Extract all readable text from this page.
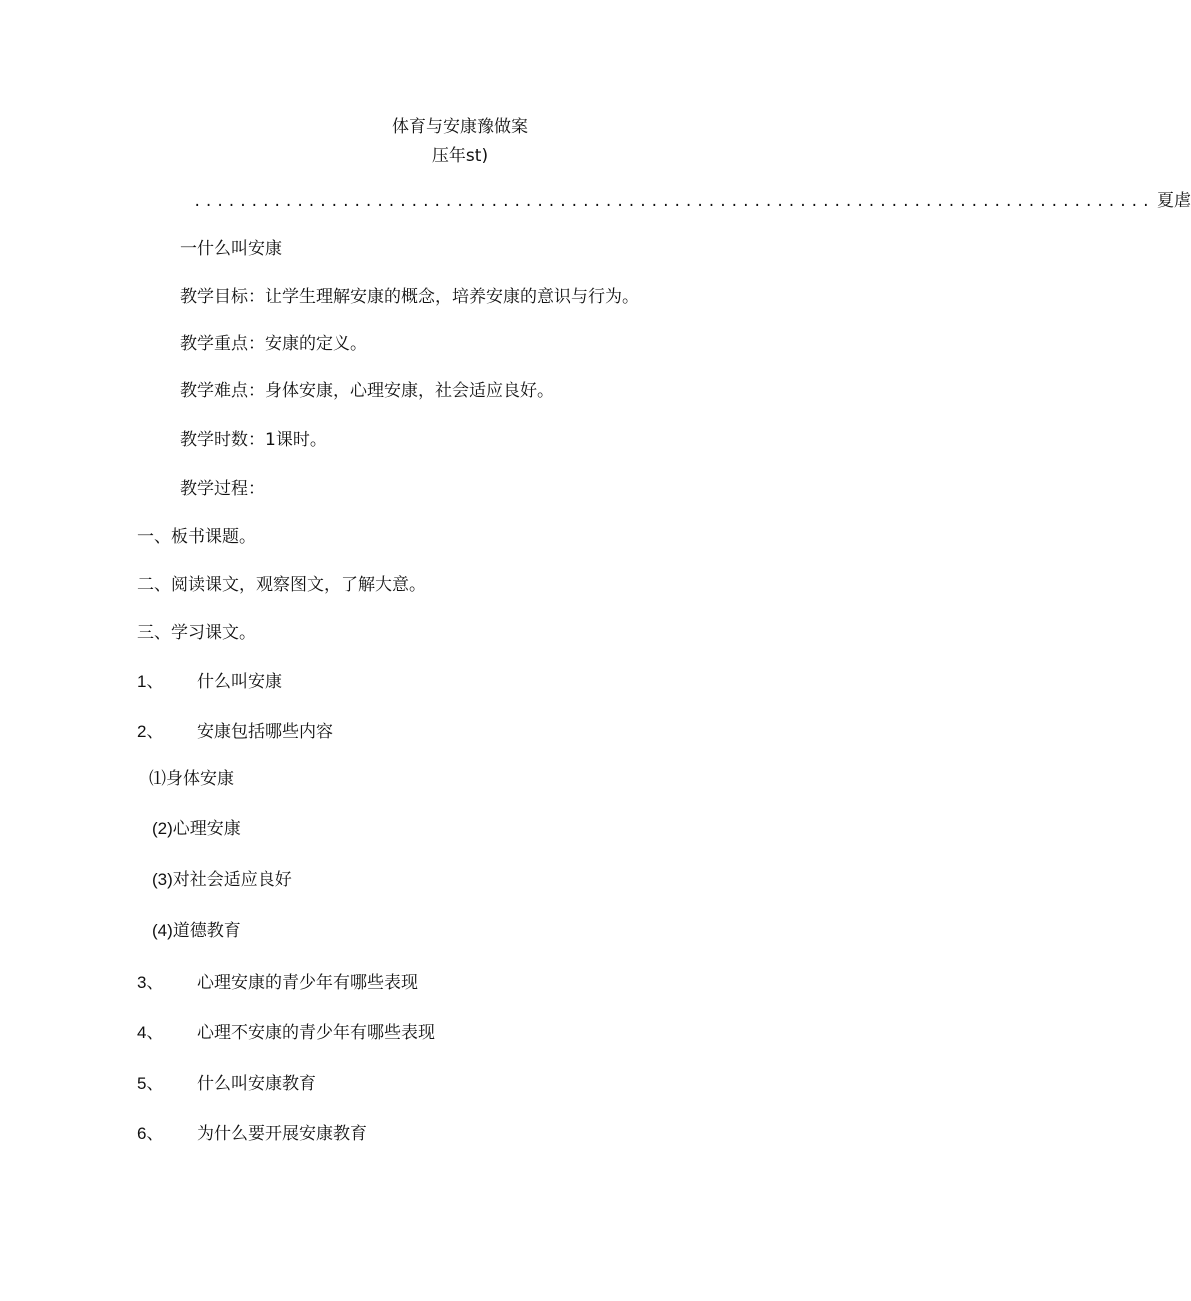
体育与安康豫做案
压年st)
.................................................................................... 夏虐
一什么叫安康
教学目标：让学生理解安康的概念，培养安康的意识与行为。
教学重点：安康的定义。
教学难点：身体安康，心理安康，社会适应良好。
教学时数：1课时。
教学过程：
一、板书课题。
二、阅读课文，观察图文，了解大意。
三、学习课文。
1、 什么叫安康
2、 安康包括哪些内容
⑴身体安康
(2)心理安康
(3)对社会适应良好
(4)道德教育
3、 心理安康的青少年有哪些表现
4、 心理不安康的青少年有哪些表现
5、 什么叫安康教育
6、 为什么要开展安康教育
